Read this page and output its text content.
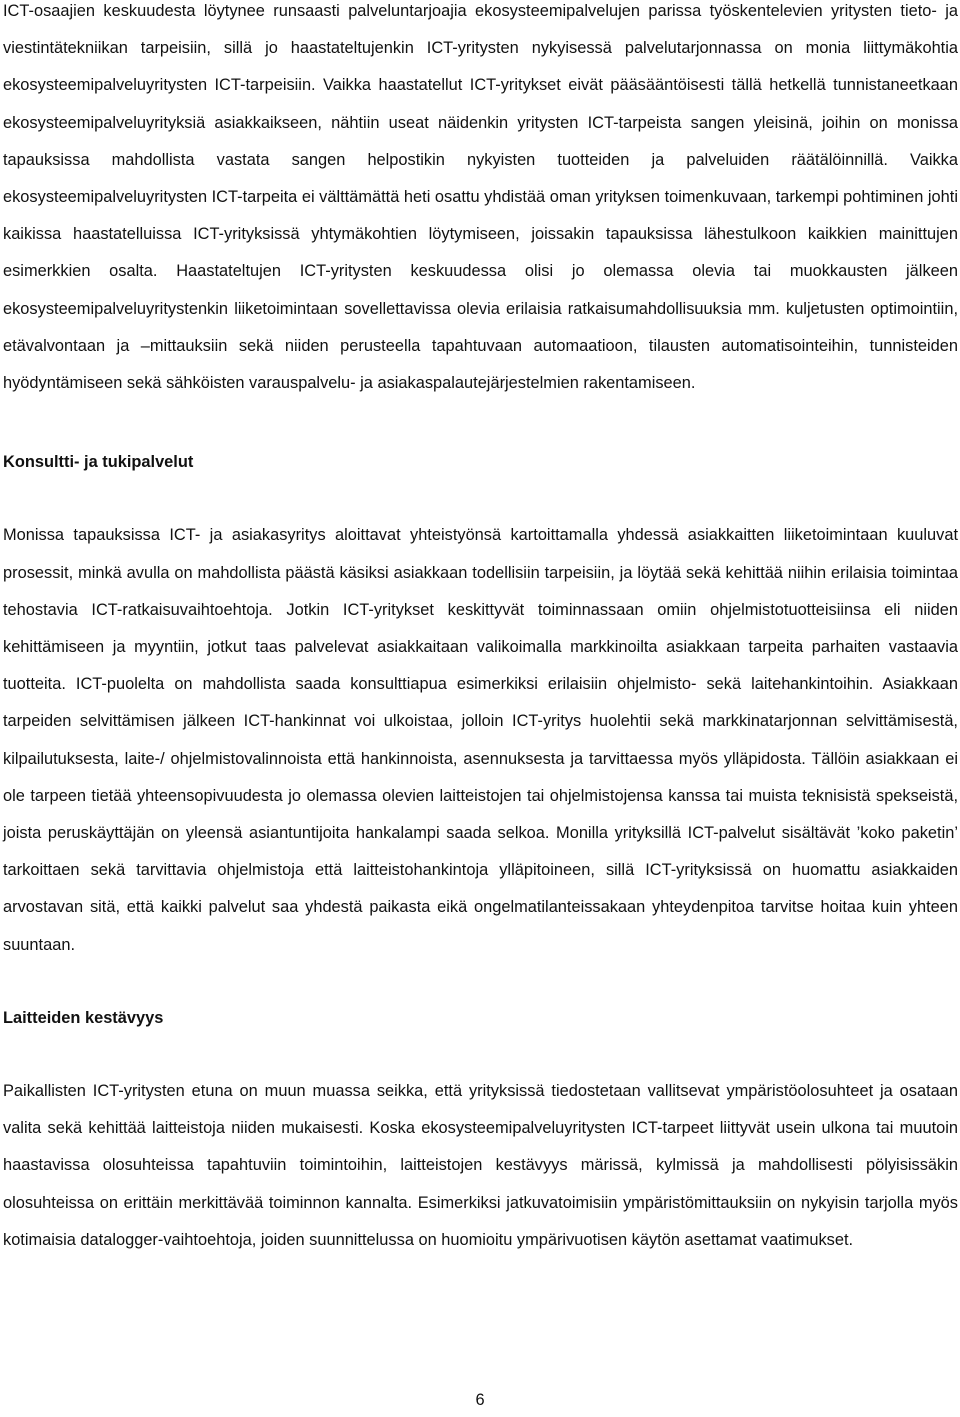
ICT-osaajien keskuudesta löytynee runsaasti palveluntarjoajia ekosysteemipalvelujen parissa työskentelevien yritysten tieto- ja viestintätekniikan tarpeisiin, sillä jo haastateltujenkin ICT-yritysten nykyisessä palvelutarjonnassa on monia liittymäkohtia ekosysteemipalveluyritysten ICT-tarpeisiin. Vaikka haastatellut ICT-yritykset eivät pääsääntöisesti tällä hetkellä tunnistaneetkaan ekosysteemipalveluyrityksiä asiakkaikseen, nähtiin useat näidenkin yritysten ICT-tarpeista sangen yleisinä, joihin on monissa tapauksissa mahdollista vastata sangen helpostikin nykyisten tuotteiden ja palveluiden räätälöinnillä. Vaikka ekosysteemipalveluyritysten ICT-tarpeita ei välttämättä heti osattu yhdistää oman yrityksen toimenkuvaan, tarkempi pohtiminen johti kaikissa haastatelluissa ICT-yrityksissä yhtymäkohtien löytymiseen, joissakin tapauksissa lähestulkoon kaikkien mainittujen esimerkkien osalta. Haastateltujen ICT-yritysten keskuudessa olisi jo olemassa olevia tai muokkausten jälkeen ekosysteemipalveluyritystenkin liiketoimintaan sovellettavissa olevia erilaisia ratkaisumahdollisuuksia mm. kuljetusten optimointiin, etävalvontaan ja –mittauksiin sekä niiden perusteella tapahtuvaan automaatioon, tilausten automatisointeihin, tunnisteiden hyödyntämiseen sekä sähköisten varauspalvelu- ja asiakaspalautejärjestelmien rakentamiseen.

Konsultti- ja tukipalvelut

Monissa tapauksissa ICT- ja asiakasyritys aloittavat yhteistyönsä kartoittamalla yhdessä asiakkaitten liiketoimintaan kuuluvat prosessit, minkä avulla on mahdollista päästä käsiksi asiakkaan todellisiin tarpeisiin, ja löytää sekä kehittää niihin erilaisia toimintaa tehostavia ICT-ratkaisuvaihtoehtoja. Jotkin ICT-yritykset keskittyvät toiminnassaan omiin ohjelmistotuotteisiinsa eli niiden kehittämiseen ja myyntiin, jotkut taas palvelevat asiakkaitaan valikoimalla markkinoilta asiakkaan tarpeita parhaiten vastaavia tuotteita. ICT-puolelta on mahdollista saada konsulttiapua esimerkiksi erilaisiin ohjelmisto- sekä laitehankintoihin. Asiakkaan tarpeiden selvittämisen jälkeen ICT-hankinnat voi ulkoistaa, jolloin ICT-yritys huolehtii sekä markkinatarjonnan selvittämisestä, kilpailutuksesta, laite-/ ohjelmistovalinnoista että hankinnoista, asennuksesta ja tarvittaessa myös ylläpidosta. Tällöin asiakkaan ei ole tarpeen tietää yhteensopivuudesta jo olemassa olevien laitteistojen tai ohjelmistojensa kanssa tai muista teknisistä spekseistä, joista peruskäyttäjän on yleensä asiantuntijoita hankalampi saada selkoa. Monilla yrityksillä ICT-palvelut sisältävät ’koko paketin’ tarkoittaen sekä tarvittavia ohjelmistoja että laitteistohankintoja ylläpitoineen, sillä ICT-yrityksissä on huomattu asiakkaiden arvostavan sitä, että kaikki palvelut saa yhdestä paikasta eikä ongelmatilanteissakaan yhteydenpitoa tarvitse hoitaa kuin yhteen suuntaan.

Laitteiden kestävyys

Paikallisten ICT-yritysten etuna on muun muassa seikka, että yrityksissä tiedostetaan vallitsevat ympäristöolosuhteet ja osataan valita sekä kehittää laitteistoja niiden mukaisesti. Koska ekosysteemipalveluyritysten ICT-tarpeet liittyvät usein ulkona tai muutoin haastavissa olosuhteissa tapahtuviin toimintoihin, laitteistojen kestävyys märissä, kylmissä ja mahdollisesti pölyisissäkin olosuhteissa on erittäin merkittävää toiminnon kannalta. Esimerkiksi jatkuvatoimisiin ympäristömittauksiin on nykyisin tarjolla myös kotimaisia datalogger-vaihtoehtoja, joiden suunnittelussa on huomioitu ympärivuotisen käytön asettamat vaatimukset.

6
